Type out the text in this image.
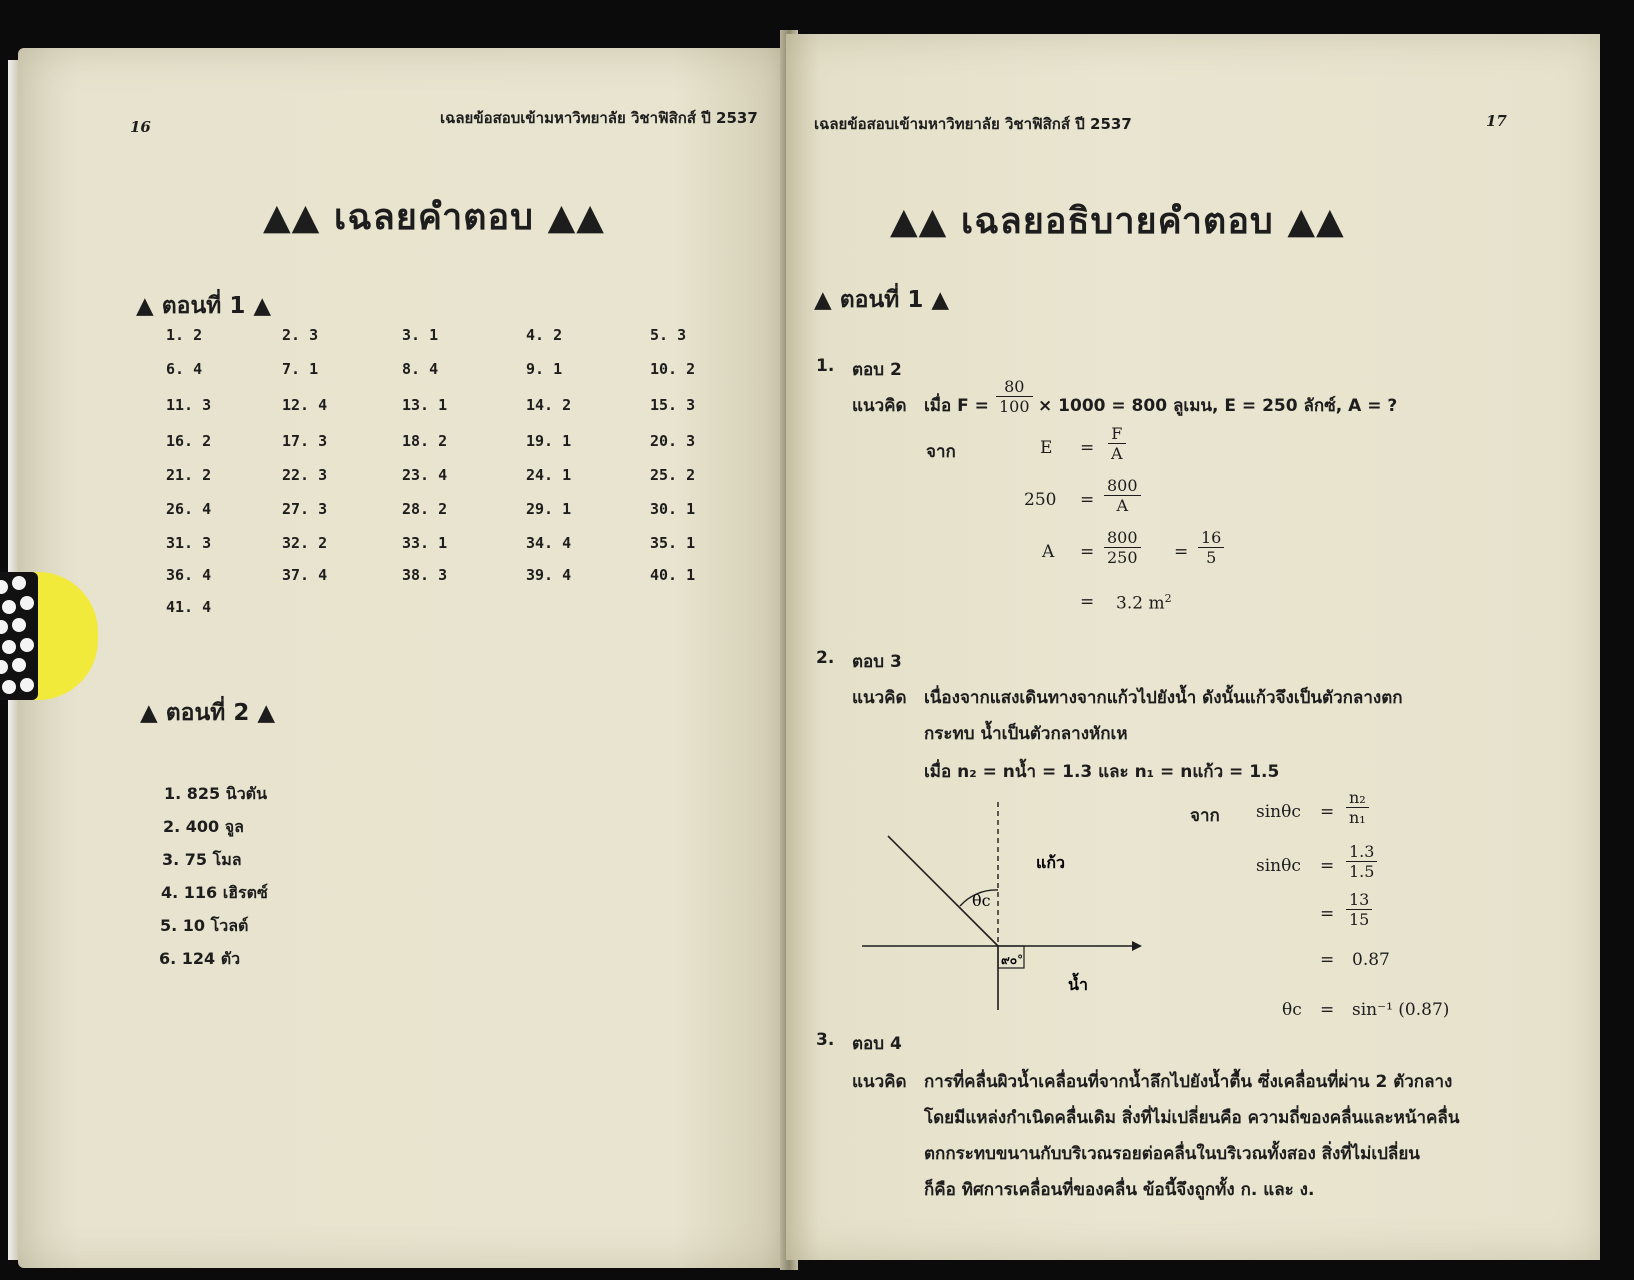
16	เฉลยข้อสอบเข้ามหาวิทยาลัย วิชาฟิสิกส์ ปี 2537
▲▲ เฉลยคำตอบ ▲▲
▲ ตอนที่ 1 ▲
1. 2	2. 3	3. 1	4. 2	5. 3
6. 4	7. 1	8. 4	9. 1	10. 2
11. 3	12. 4	13. 1	14. 2	15. 3
16. 2	17. 3	18. 2	19. 1	20. 3
21. 2	22. 3	23. 4	24. 1	25. 2
26. 4	27. 3	28. 2	29. 1	30. 1
31. 3	32. 2	33. 1	34. 4	35. 1
36. 4	37. 4	38. 3	39. 4	40. 1
41. 4
▲ ตอนที่ 2 ▲
1. 825 นิวตัน
2. 400 จูล
3. 75 โมล
4. 116 เฮิรตซ์
5. 10 โวลต์
6. 124 ตัว
เฉลยข้อสอบเข้ามหาวิทยาลัย วิชาฟิสิกส์ ปี 2537	17
▲▲ เฉลยอธิบายคำตอบ ▲▲
▲ ตอนที่ 1 ▲
1. ตอบ 2
แนวคิด เมื่อ $F = \frac{80}{100} \times 1000 = 800$ ลูเมน, E = 250 ลักซ์, A = ?
จาก	$E = \frac{F}{A}$
$250 = \frac{800}{A}$
$A = \frac{800}{250} = \frac{16}{5}$
= 3.2 $m^2$
2. ตอบ 3
แนวคิด เนื่องจากแสงเดินทางจากแก้วไปยังน้ำ ดังนั้นแก้วจึงเป็นตัวกลางตก
กระทบ น้ำเป็นตัวกลางหักเห
เมื่อ n₂ = nน้ำ = 1.3 และ n₁ = nแก้ว = 1.5
θc
๙๐°
แก้ว
น้ำ
จาก $\sin\theta c = \frac{\text{n₂}}{\text{n₁}}$
$\sin\theta c = \frac{1.3}{1.5}$
= $\frac{13}{15}$
= 0.87
θc = sin⁻¹ (0.87)
3. ตอบ 4
แนวคิด การที่คลื่นผิวน้ำเคลื่อนที่จากน้ำลึกไปยังน้ำตื้น ซึ่งเคลื่อนที่ผ่าน 2 ตัวกลาง
โดยมีแหล่งกำเนิดคลื่นเดิม สิ่งที่ไม่เปลี่ยนคือ ความถี่ของคลื่นและหน้าคลื่น
ตกกระทบขนานกับบริเวณรอยต่อคลื่นในบริเวณทั้งสอง สิ่งที่ไม่เปลี่ยน
ก็คือ ทิศการเคลื่อนที่ของคลื่น ข้อนี้จึงถูกทั้ง ก. และ ง.
